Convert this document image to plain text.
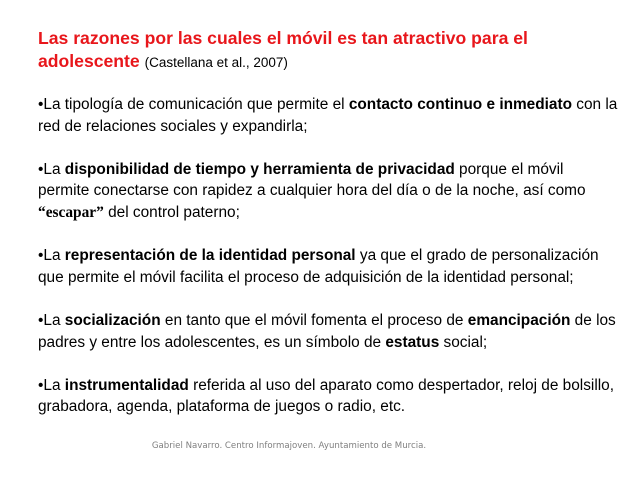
Las razones por las cuales el móvil es tan atractivo para el adolescente (Castellana et al., 2007)

•La tipología de comunicación que permite el contacto continuo e inmediato con la red de relaciones sociales y expandirla;

•La disponibilidad de tiempo y herramienta de privacidad porque el móvil permite conectarse con rapidez a cualquier hora del día o de la noche, así como “escapar” del control paterno;

•La representación de la identidad personal ya que el grado de personalización que permite el móvil facilita el proceso de adquisición de la identidad personal;

•La socialización en tanto que el móvil fomenta el proceso de emancipación de los padres y entre los adolescentes, es un símbolo de estatus social;

•La instrumentalidad referida al uso del aparato como despertador, reloj de bolsillo, grabadora, agenda, plataforma de juegos o radio, etc.

Gabriel Navarro. Centro Informajoven. Ayuntamiento de Murcia.
